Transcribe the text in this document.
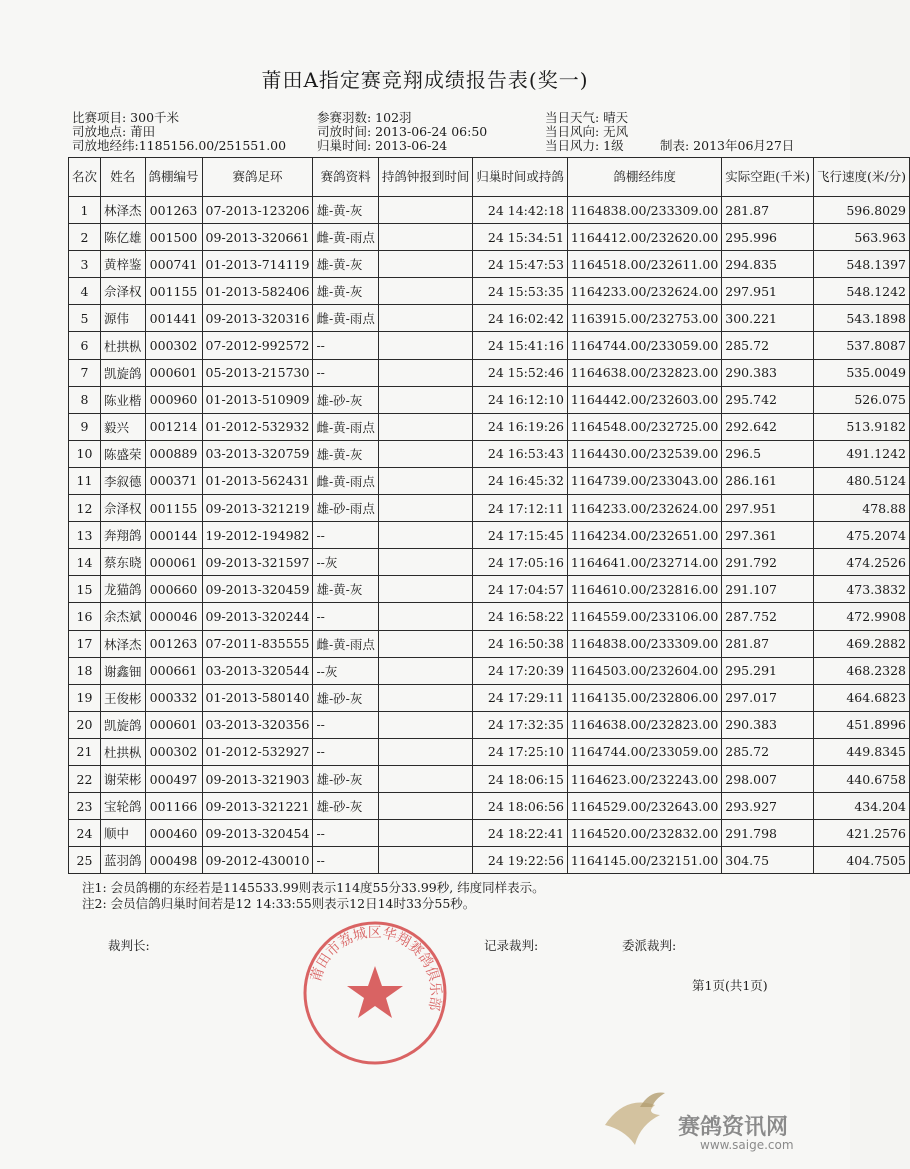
莆田A指定赛竞翔成绩报告表(奖一)
比赛项目: 300千米
司放地点: 莆田
司放地经纬:1185156.00/251551.00
参赛羽数: 102羽
司放时间: 2013-06-24 06:50
归巢时间: 2013-06-24
当日天气: 晴天
当日风向: 无风
当日风力: 1级	制表: 2013年06月27日
名次	姓名	鸽棚编号	赛鸽足环	赛鸽资料	持鸽钟报到时间	归巢时间或持鸽	鸽棚经纬度	实际空距(千米)	飞行速度(米/分)
1	林泽杰	001263	07-2013-123206	雄-黄-灰		24 14:42:18	1164838.00/233309.00	281.87	596.8029
2	陈亿雄	001500	09-2013-320661	雌-黄-雨点		24 15:34:51	1164412.00/232620.00	295.996	563.963
3	黄梓鉴	000741	01-2013-714119	雄-黄-灰		24 15:47:53	1164518.00/232611.00	294.835	548.1397
4	佘泽权	001155	01-2013-582406	雄-黄-灰		24 15:53:35	1164233.00/232624.00	297.951	548.1242
5	源伟	001441	09-2013-320316	雌-黄-雨点		24 16:02:42	1163915.00/232753.00	300.221	543.1898
6	杜拱枞	000302	07-2012-992572	--		24 15:41:16	1164744.00/233059.00	285.72	537.8087
7	凯旋鸽	000601	05-2013-215730	--		24 15:52:46	1164638.00/232823.00	290.383	535.0049
8	陈业楷	000960	01-2013-510909	雄-砂-灰		24 16:12:10	1164442.00/232603.00	295.742	526.075
9	毅兴	001214	01-2012-532932	雌-黄-雨点		24 16:19:26	1164548.00/232725.00	292.642	513.9182
10	陈盛荣	000889	03-2013-320759	雄-黄-灰		24 16:53:43	1164430.00/232539.00	296.5	491.1242
11	李叙德	000371	01-2013-562431	雌-黄-雨点		24 16:45:32	1164739.00/233043.00	286.161	480.5124
12	佘泽权	001155	09-2013-321219	雄-砂-雨点		24 17:12:11	1164233.00/232624.00	297.951	478.88
13	奔翔鸽	000144	19-2012-194982	--		24 17:15:45	1164234.00/232651.00	297.361	475.2074
14	蔡东晓	000061	09-2013-321597	--灰		24 17:05:16	1164641.00/232714.00	291.792	474.2526
15	龙猫鸽	000660	09-2013-320459	雄-黄-灰		24 17:04:57	1164610.00/232816.00	291.107	473.3832
16	余杰斌	000046	09-2013-320244	--		24 16:58:22	1164559.00/233106.00	287.752	472.9908
17	林泽杰	001263	07-2011-835555	雌-黄-雨点		24 16:50:38	1164838.00/233309.00	281.87	469.2882
18	谢鑫钿	000661	03-2013-320544	--灰		24 17:20:39	1164503.00/232604.00	295.291	468.2328
19	王俊彬	000332	01-2013-580140	雄-砂-灰		24 17:29:11	1164135.00/232806.00	297.017	464.6823
20	凯旋鸽	000601	03-2013-320356	--		24 17:32:35	1164638.00/232823.00	290.383	451.8996
21	杜拱枞	000302	01-2012-532927	--		24 17:25:10	1164744.00/233059.00	285.72	449.8345
22	谢荣彬	000497	09-2013-321903	雄-砂-灰		24 18:06:15	1164623.00/232243.00	298.007	440.6758
23	宝轮鸽	001166	09-2013-321221	雄-砂-灰		24 18:06:56	1164529.00/232643.00	293.927	434.204
24	顺中	000460	09-2013-320454	--		24 18:22:41	1164520.00/232832.00	291.798	421.2576
25	蓝羽鸽	000498	09-2012-430010	--		24 19:22:56	1164145.00/232151.00	304.75	404.7505
注1: 会员鸽棚的东经若是1145533.99则表示114度55分33.99秒, 纬度同样表示。
注2: 会员信鸽归巢时间若是12 14:33:55则表示12日14时33分55秒。
裁判长:	记录裁判:	委派裁判:
第1页(共1页)
莆田市荔城区华翔赛鸽俱乐部
赛鸽资讯网
www.saige.com
